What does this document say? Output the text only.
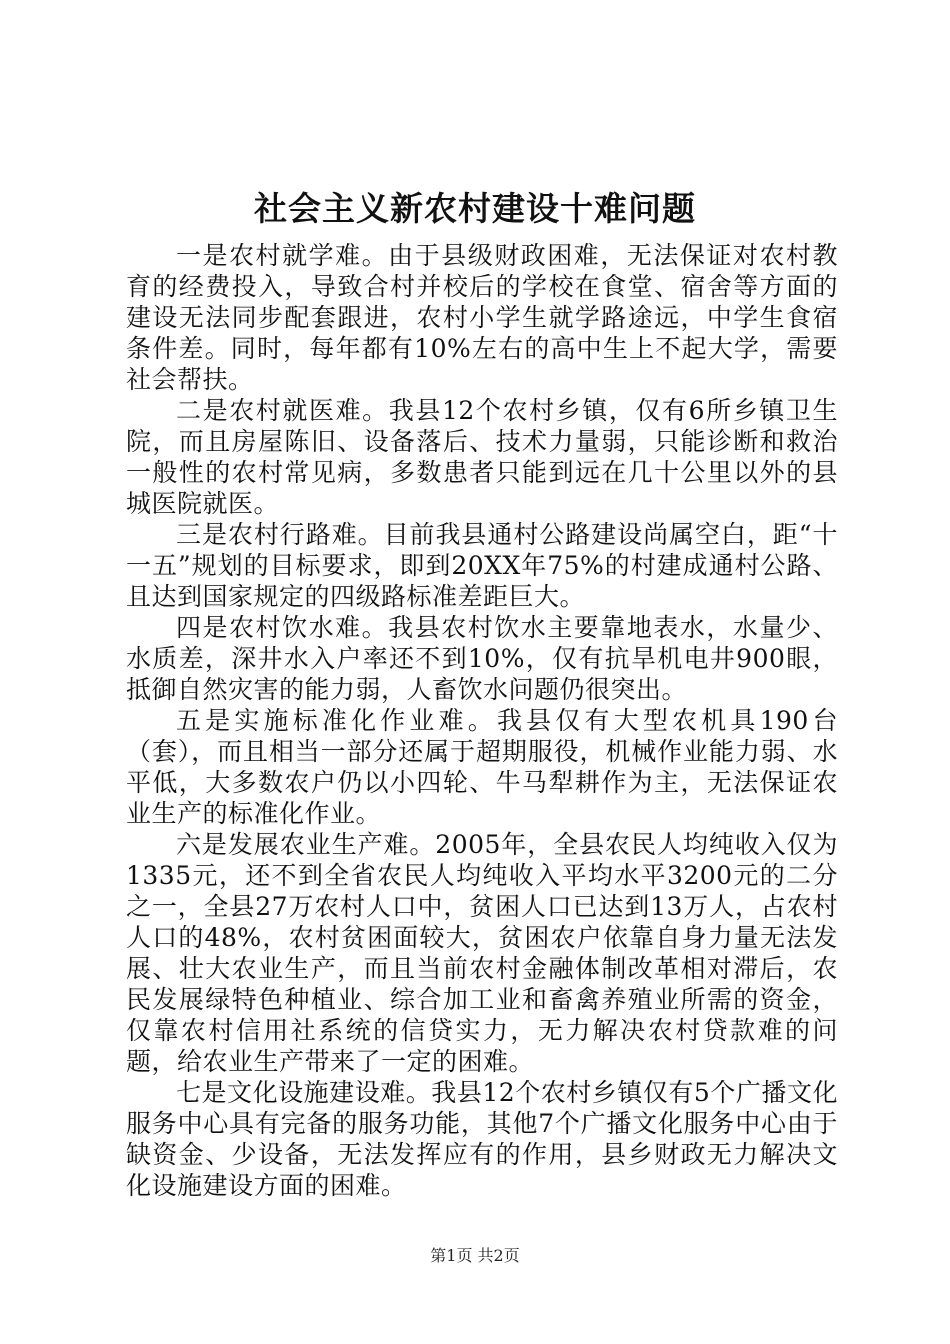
社会主义新农村建设十难问题

一是农村就学难。由于县级财政困难，无法保证对农村教育的经费投入，导致合村并校后的学校在食堂、宿舍等方面的建设无法同步配套跟进，农村小学生就学路途远，中学生食宿条件差。同时，每年都有10%左右的高中生上不起大学，需要社会帮扶。

二是农村就医难。我县12个农村乡镇，仅有6所乡镇卫生院，而且房屋陈旧、设备落后、技术力量弱，只能诊断和救治一般性的农村常见病，多数患者只能到远在几十公里以外的县城医院就医。

三是农村行路难。目前我县通村公路建设尚属空白，距“十一五”规划的目标要求，即到20XX年75%的村建成通村公路、且达到国家规定的四级路标准差距巨大。

四是农村饮水难。我县农村饮水主要靠地表水，水量少、水质差，深井水入户率还不到10%，仅有抗旱机电井900眼，抵御自然灾害的能力弱，人畜饮水问题仍很突出。

五是实施标准化作业难。我县仅有大型农机具190台（套），而且相当一部分还属于超期服役，机械作业能力弱、水平低，大多数农户仍以小四轮、牛马犁耕作为主，无法保证农业生产的标准化作业。

六是发展农业生产难。2005年，全县农民人均纯收入仅为1335元，还不到全省农民人均纯收入平均水平3200元的二分之一，全县27万农村人口中，贫困人口已达到13万人，占农村人口的48%，农村贫困面较大，贫困农户依靠自身力量无法发展、壮大农业生产，而且当前农村金融体制改革相对滞后，农民发展绿特色种植业、综合加工业和畜禽养殖业所需的资金，仅靠农村信用社系统的信贷实力，无力解决农村贷款难的问题，给农业生产带来了一定的困难。

七是文化设施建设难。我县12个农村乡镇仅有5个广播文化服务中心具有完备的服务功能，其他7个广播文化服务中心由于缺资金、少设备，无法发挥应有的作用，县乡财政无力解决文化设施建设方面的困难。

第1页 共2页
